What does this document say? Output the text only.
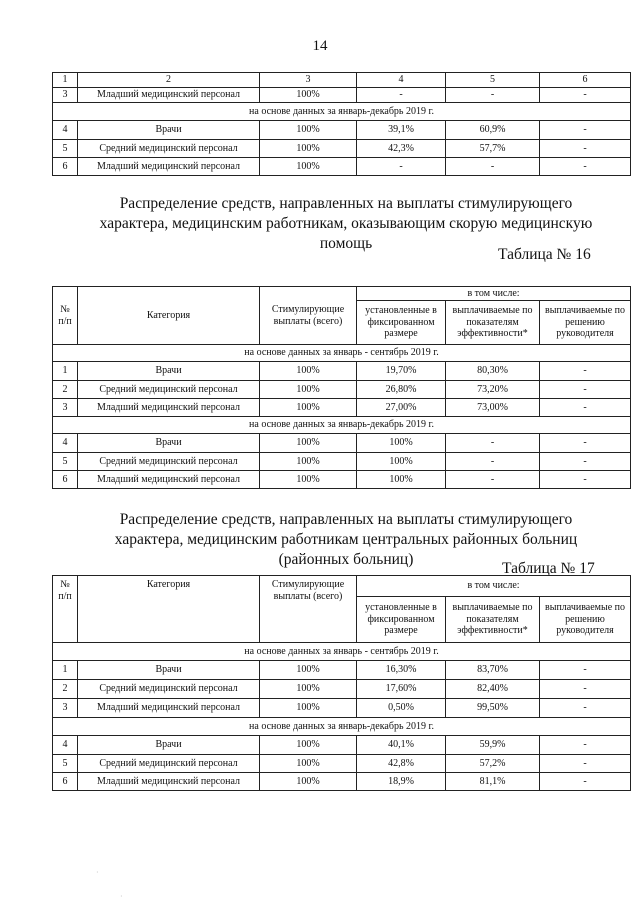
14
1	2	3	4	5	6
3	Младший медицинский персонал	100%	-	-	-
на основе данных за январь-декабрь 2019 г.					
4	Врачи	100%	39,1%	60,9%	-
5	Средний медицинский персонал	100%	42,3%	57,7%	-
6	Младший медицинский персонал	100%	-	-	-
Распределение средств, направленных на выплаты стимулирующего характера, медицинским работникам, оказывающим скорую медицинскую помощь
Таблица № 16
№ п/п	Категория	Стимулирующие выплаты (всего)	в том числе:		
			установленные в фиксированном размере	выплачиваемые по показателям эффективности*	выплачиваемые по решению руководителя
на основе данных за январь - сентябрь 2019 г.					
1	Врачи	100%	19,70%	80,30%	-
2	Средний медицинский персонал	100%	26,80%	73,20%	-
3	Младший медицинский персонал	100%	27,00%	73,00%	-
на основе данных за январь-декабрь 2019 г.					
4	Врачи	100%	100%	-	-
5	Средний медицинский персонал	100%	100%	-	-
6	Младший медицинский персонал	100%	100%	-	-
Распределение средств, направленных на выплаты стимулирующего характера, медицинским работникам центральных районных больниц (районных больниц)
Таблица № 17
№ п/п	Категория	Стимулирующие выплаты (всего)	в том числе:		
			установленные в фиксированном размере	выплачиваемые по показателям эффективности*	выплачиваемые по решению руководителя
на основе данных за январь - сентябрь 2019 г.					
1	Врачи	100%	16,30%	83,70%	-
2	Средний медицинский персонал	100%	17,60%	82,40%	-
3	Младший медицинский персонал	100%	0,50%	99,50%	-
на основе данных за январь-декабрь 2019 г.					
4	Врачи	100%	40,1%	59,9%	-
5	Средний медицинский персонал	100%	42,8%	57,2%	-
6	Младший медицинский персонал	100%	18,9%	81,1%	-
·
·
